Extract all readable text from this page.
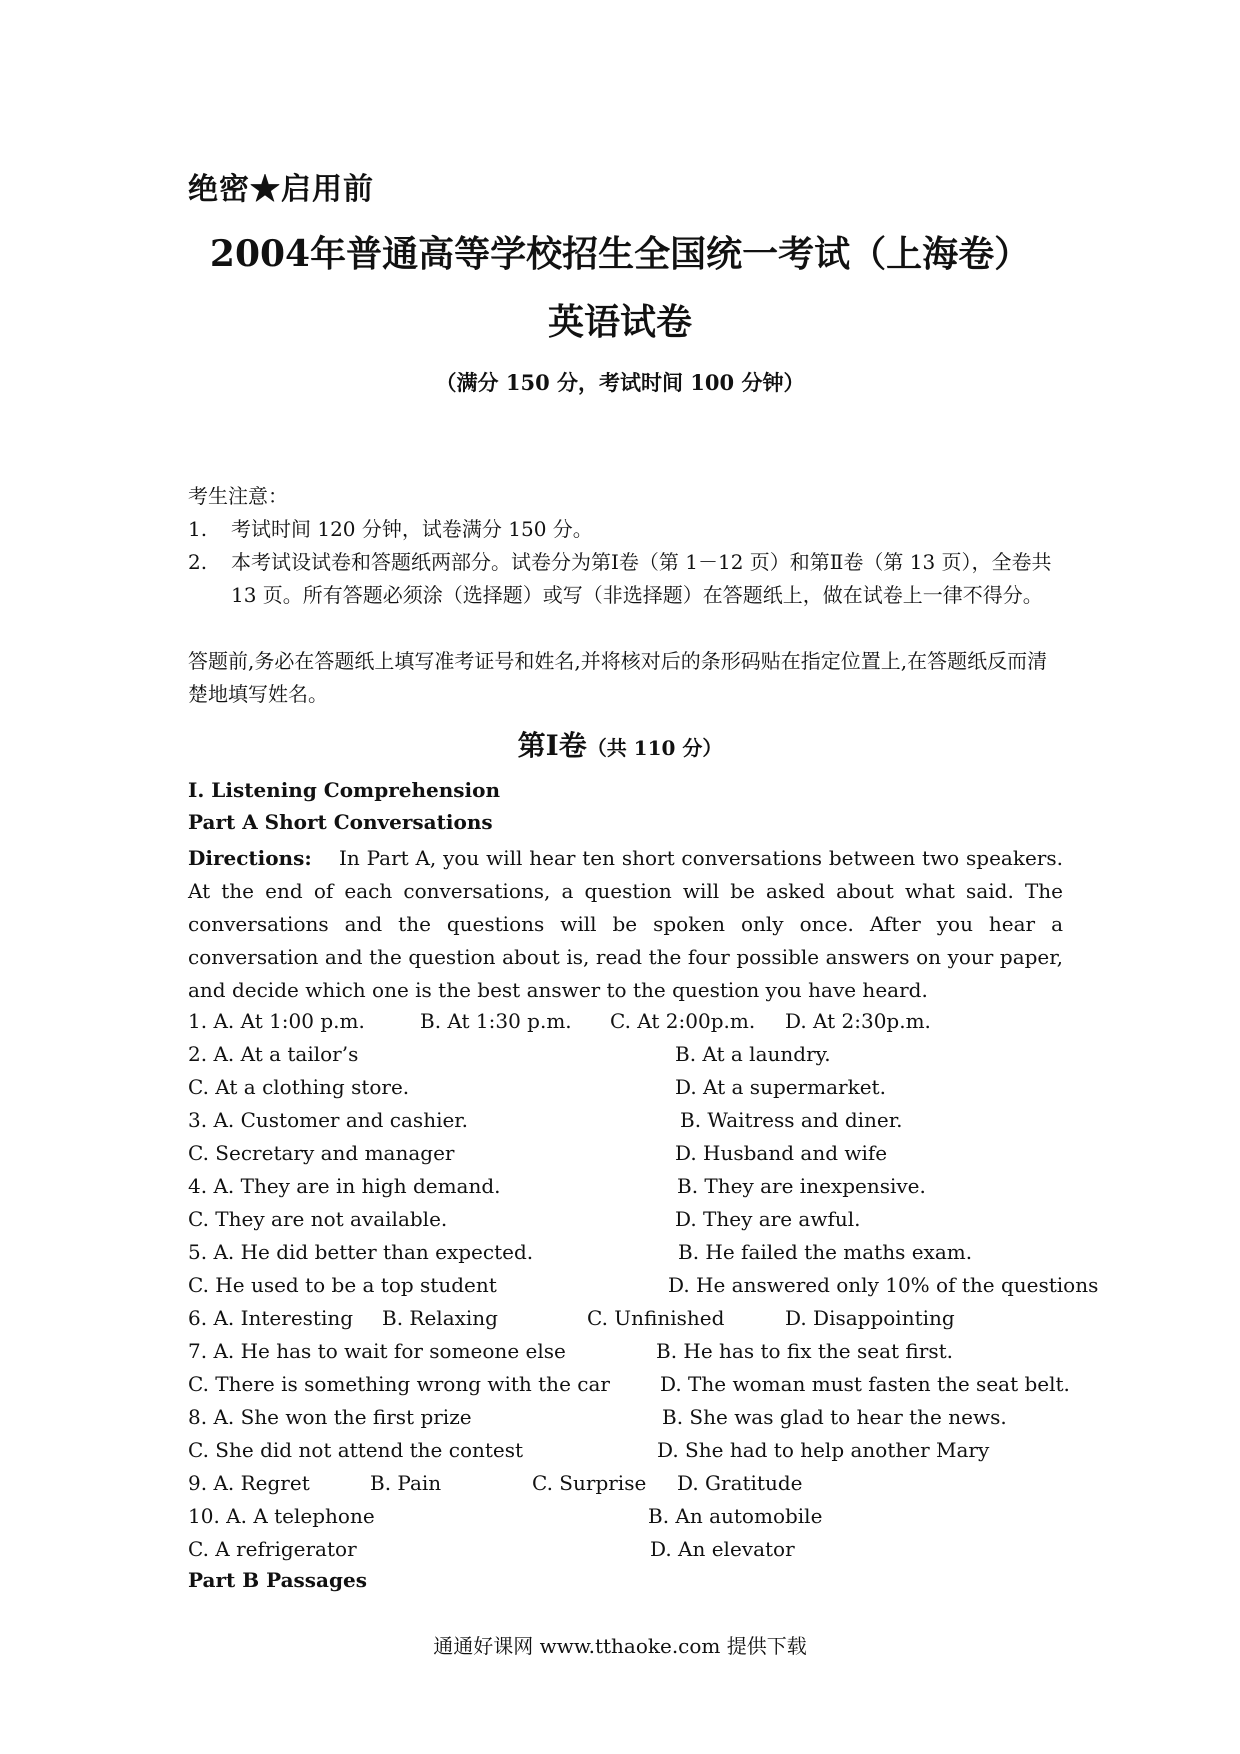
绝密★启用前
2004年普通高等学校招生全国统一考试（上海卷）
英语试卷
（满分 150 分，考试时间 100 分钟）
考生注意：
1. 考试时间 120 分钟，试卷满分 150 分。
2. 本考试设试卷和答题纸两部分。试卷分为第Ⅰ卷（第 1－12 页）和第Ⅱ卷（第 13 页），全卷共 13 页。所有答题必须涂（选择题）或写（非选择题）在答题纸上，做在试卷上一律不得分。
答题前,务必在答题纸上填写准考证号和姓名,并将核对后的条形码贴在指定位置上,在答题纸反而清楚地填写姓名。
第Ⅰ卷（共 110 分）
I. Listening Comprehension
Part A Short Conversations
Directions: In Part A, you will hear ten short conversations between two speakers. At the end of each conversations, a question will be asked about what said. The conversations and the questions will be spoken only once. After you hear a conversation and the question about is, read the four possible answers on your paper, and decide which one is the best answer to the question you have heard.
1. A. At 1:00 p.m.	B. At 1:30 p.m. C. At 2:00p.m. D. At 2:30p.m.
2. A. At a tailor’s	B. At a laundry.
C. At a clothing store.	D. At a supermarket.
3. A. Customer and cashier.	B. Waitress and diner.
C. Secretary and manager	D. Husband and wife
4. A. They are in high demand.	B. They are inexpensive.
C. They are not available.	D. They are awful.
5. A. He did better than expected.	B. He failed the maths exam.
C. He used to be a top student	D. He answered only 10% of the questions
6. A. Interesting B. Relaxing	C. Unfinished	D. Disappointing
7. A. He has to wait for someone else	B. He has to fix the seat first.
C. There is something wrong with the car	D. The woman must fasten the seat belt.
8. A. She won the first prize	B. She was glad to hear the news.
C. She did not attend the contest	D. She had to help another Mary
9. A. Regret	B. Pain	C. Surprise D. Gratitude
10. A. A telephone	B. An automobile
C. A refrigerator	D. An elevator
Part B Passages
通通好课网 www.tthaoke.com 提供下载
